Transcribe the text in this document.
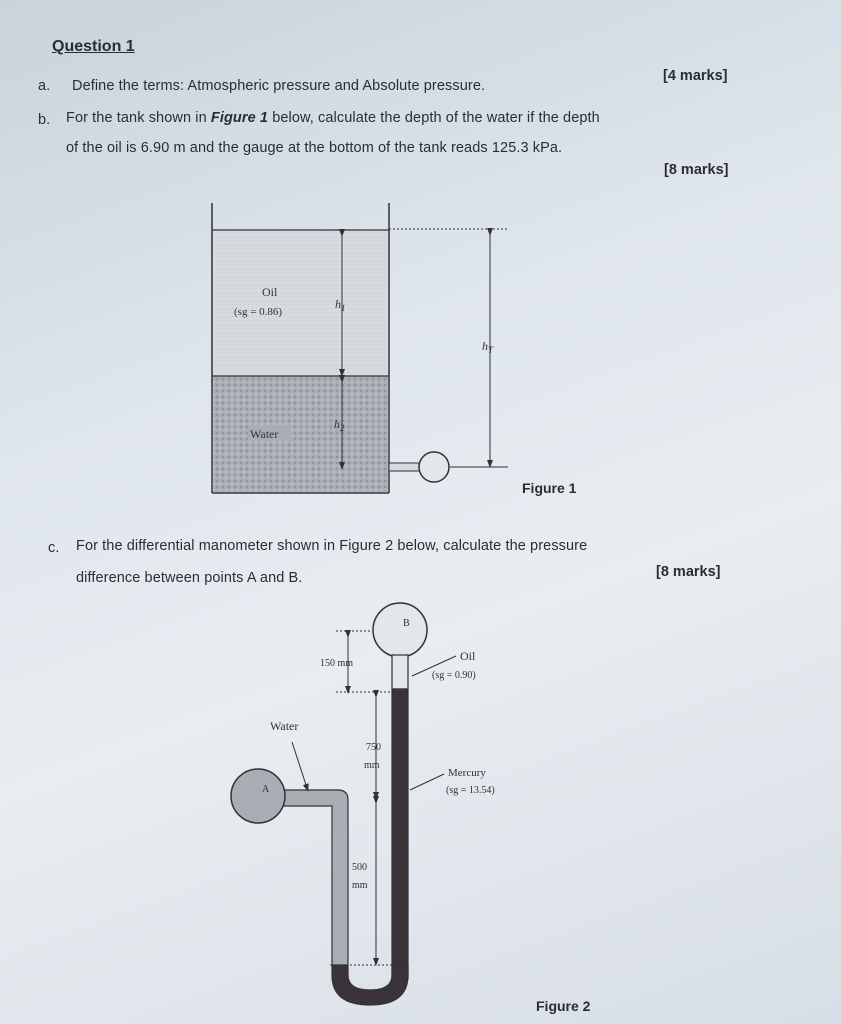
Question 1
a. Define the terms: Atmospheric pressure and Absolute pressure.
[4 marks]
b. For the tank shown in Figure 1 below, calculate the depth of the water if the depth
of the oil is 6.90 m and the gauge at the bottom of the tank reads 125.3 kPa.
[8 marks]
c. For the differential manometer shown in Figure 2 below, calculate the pressure
difference between points A and B.	[8 marks]
Oil
(sg = 0.86)
Water
$h_1$
$h_2$
$h_T$
Figure 1
B
A
Oil
(sg = 0.90)
Water
Mercury
(sg = 13.54)
150 mm
750
mm
500
mm
Figure 2
